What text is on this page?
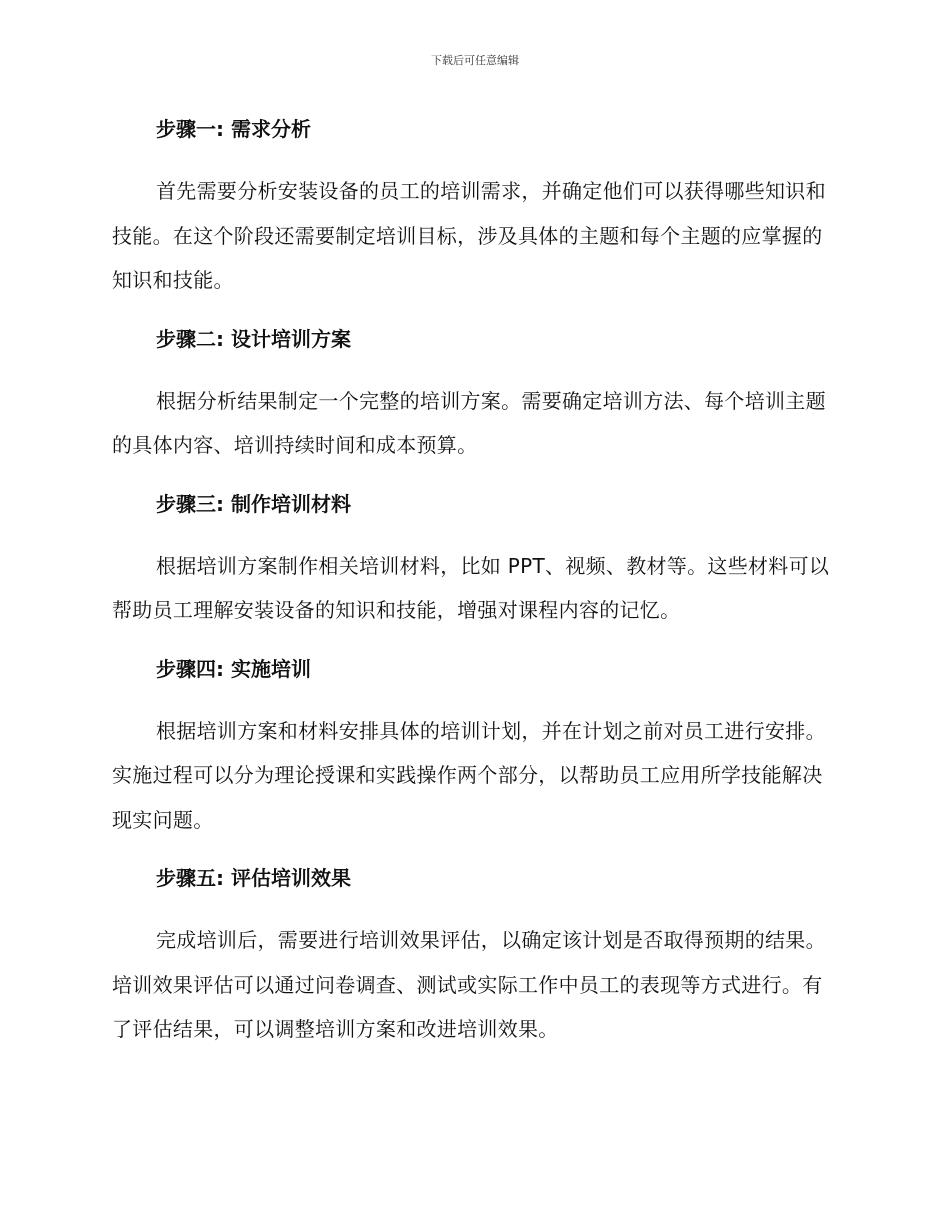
下载后可任意编辑

步骤一: 需求分析

首先需要分析安装设备的员工的培训需求，并确定他们可以获得哪些知识和技能。在这个阶段还需要制定培训目标，涉及具体的主题和每个主题的应掌握的知识和技能。

步骤二: 设计培训方案

根据分析结果制定一个完整的培训方案。需要确定培训方法、每个培训主题的具体内容、培训持续时间和成本预算。

步骤三: 制作培训材料

根据培训方案制作相关培训材料，比如 PPT、视频、教材等。这些材料可以帮助员工理解安装设备的知识和技能，增强对课程内容的记忆。

步骤四: 实施培训

根据培训方案和材料安排具体的培训计划，并在计划之前对员工进行安排。实施过程可以分为理论授课和实践操作两个部分，以帮助员工应用所学技能解决现实问题。

步骤五: 评估培训效果

完成培训后，需要进行培训效果评估，以确定该计划是否取得预期的结果。培训效果评估可以通过问卷调查、测试或实际工作中员工的表现等方式进行。有了评估结果，可以调整培训方案和改进培训效果。
